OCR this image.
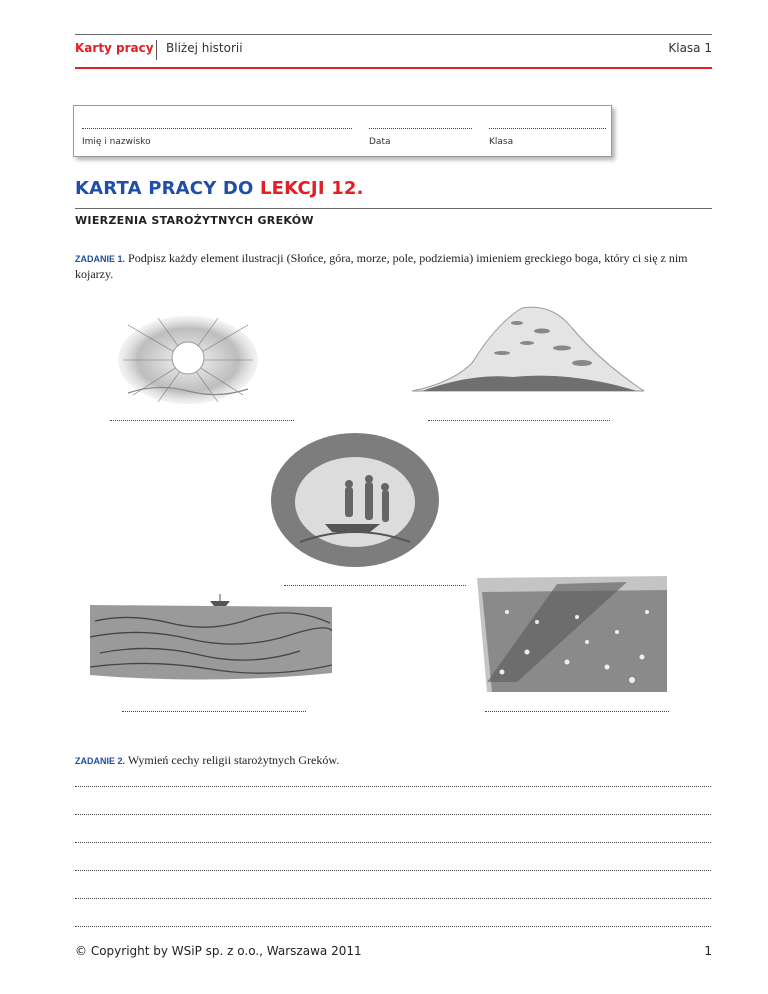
Karty pracy Bliżej historii	Klasa 1
Imię i nazwisko	Data	Klasa
KARTA PRACY DO LEKCJI 12.
WIERZENIA STAROŻYTNYCH GREKÓW
ZADANIE 1. Podpisz każdy element ilustracji (Słońce, góra, morze, pole, podziemia) imieniem greckiego boga, który ci się z nim kojarzy.
ZADANIE 2. Wymień cechy religii starożytnych Greków.
© Copyright by WSiP sp. z o.o., Warszawa 2011	1
